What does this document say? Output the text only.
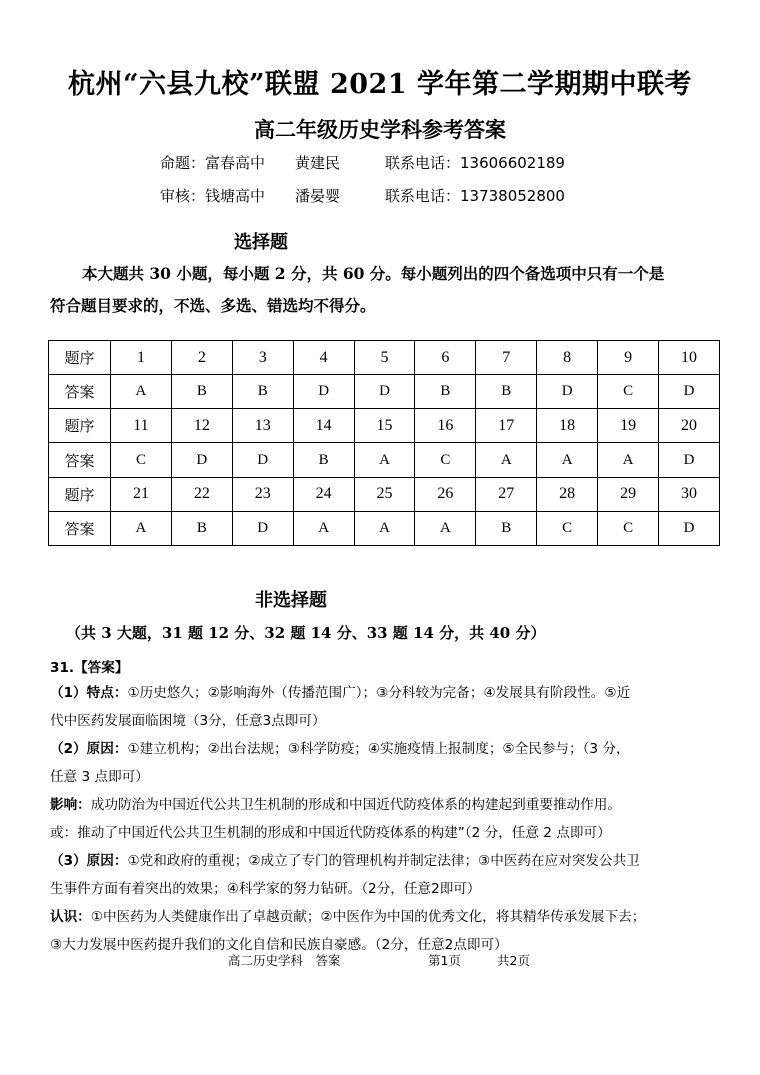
杭州“六县九校”联盟 2021 学年第二学期期中联考
高二年级历史学科参考答案
命题：富春高中　　黄建民　　　联系电话：13606602189
审核：钱塘高中　　潘晏婴　　　联系电话：13738052800
选择题
本大题共 30 小题，每小题 2 分，共 60 分。每小题列出的四个备选项中只有一个是
符合题目要求的，不选、多选、错选均不得分。
题序	1	2	3	4	5	6	7	8	9	10
答案	A	B	B	D	D	B	B	D	C	D
题序	11	12	13	14	15	16	17	18	19	20
答案	C	D	D	B	A	C	A	A	A	D
题序	21	22	23	24	25	26	27	28	29	30
答案	A	B	D	A	A	A	B	C	C	D
非选择题
（共 3 大题，31 题 12 分、32 题 14 分、33 题 14 分，共 40 分）
31.【答案】
（1）特点：①历史悠久；②影响海外（传播范围广）；③分科较为完备；④发展具有阶段性。⑤近
代中医药发展面临困境（3分，任意3点即可）
（2）原因：①建立机构；②出台法规；③科学防疫；④实施疫情上报制度；⑤全民参与；（3 分，
任意 3 点即可）
影响：成功防治为中国近代公共卫生机制的形成和中国近代防疫体系的构建起到重要推动作用。
或：推动了中国近代公共卫生机制的形成和中国近代防疫体系的构建”（2 分，任意 2 点即可）
（3）原因：①党和政府的重视；②成立了专门的管理机构并制定法律；③中医药在应对突发公共卫
生事件方面有着突出的效果；④科学家的努力钻研。（2分，任意2即可）
认识：①中医药为人类健康作出了卓越贡献；②中医作为中国的优秀文化，将其精华传承发展下去；
③大力发展中医药提升我们的文化自信和民族自豪感。（2分，任意2点即可）
高二历史学科　答案	第1页	共2页
